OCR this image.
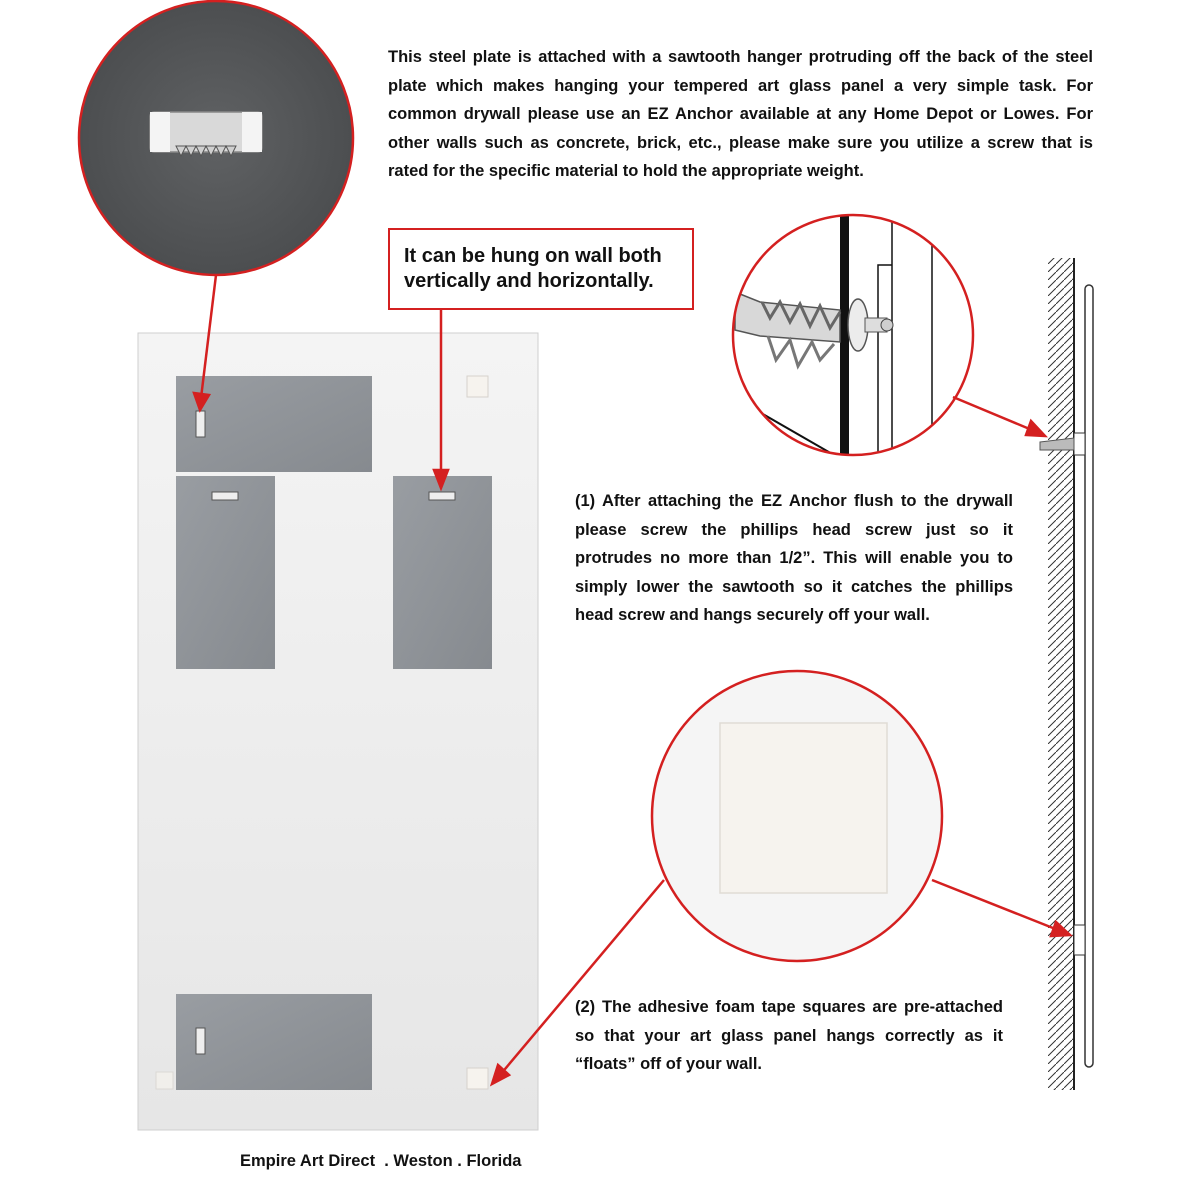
This steel plate is attached with a sawtooth hanger protruding off the back of the steel plate which makes hanging your tempered art glass panel a very simple task. For common drywall please use an EZ Anchor available at any Home Depot or Lowes. For other walls such as concrete, brick, etc., please make sure you utilize a screw that is rated for the specific material to hold the appropriate weight.
It can be hung on wall both vertically and horizontally.
(1) After attaching the EZ Anchor flush to the drywall please screw the phillips head screw just so it protrudes no more than 1/2”. This will enable you to simply lower the sawtooth so it catches the phillips head screw and hangs securely off your wall.
(2) The adhesive foam tape squares are pre-attached so that your art glass panel hangs correctly as it “floats” off of your wall.
Empire Art Direct  . Weston . Florida
